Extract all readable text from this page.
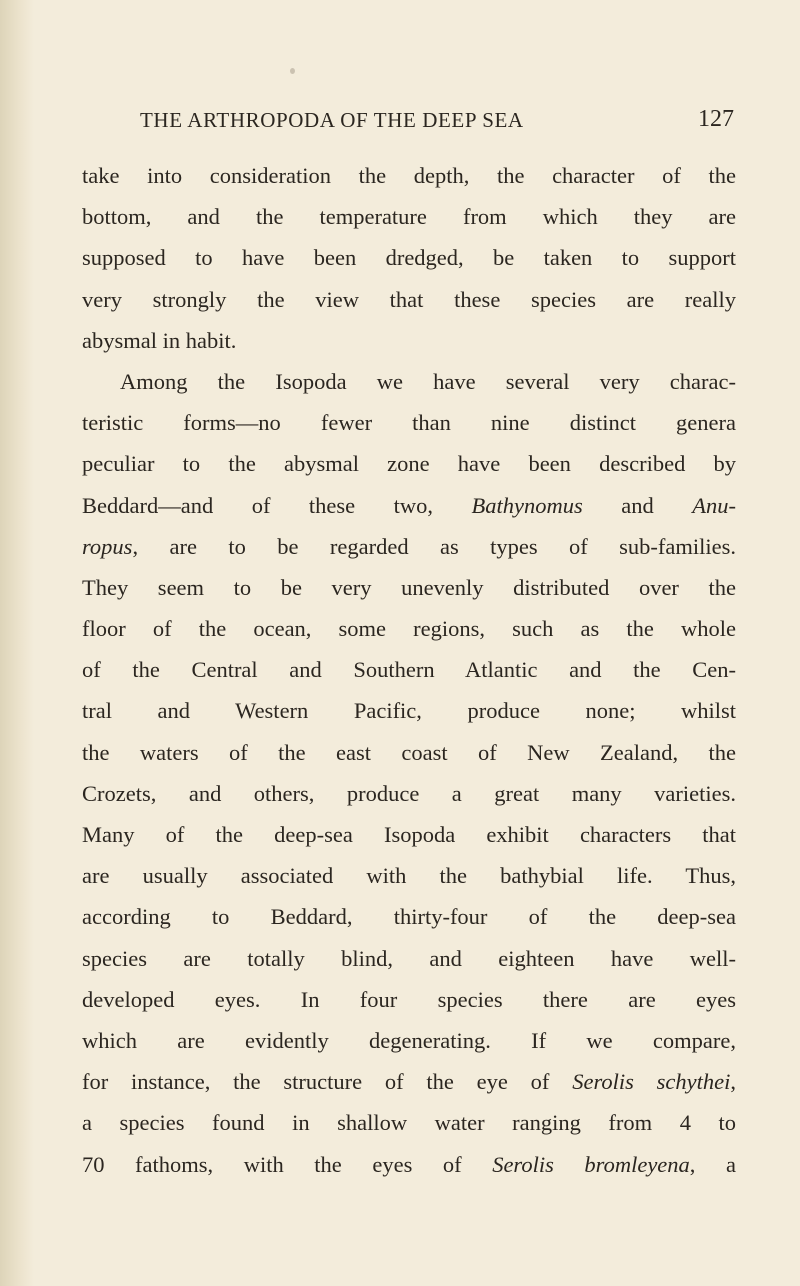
THE ARTHROPODA OF THE DEEP SEA	127
take into consideration the depth, the character of the
bottom, and the temperature from which they are
supposed to have been dredged, be taken to support
very strongly the view that these species are really
abysmal in habit.
Among the Isopoda we have several very charac-
teristic forms—no fewer than nine distinct genera
peculiar to the abysmal zone have been described by
Beddard—and of these two, Bathynomus and Anu-
ropus, are to be regarded as types of sub-families.
They seem to be very unevenly distributed over the
floor of the ocean, some regions, such as the whole
of the Central and Southern Atlantic and the Cen-
tral and Western Pacific, produce none; whilst
the waters of the east coast of New Zealand, the
Crozets, and others, produce a great many varieties.
Many of the deep-sea Isopoda exhibit characters that
are usually associated with the bathybial life. Thus,
according to Beddard, thirty-four of the deep-sea
species are totally blind, and eighteen have well-
developed eyes. In four species there are eyes
which are evidently degenerating. If we compare,
for instance, the structure of the eye of Serolis schythei,
a species found in shallow water ranging from 4 to
70 fathoms, with the eyes of Serolis bromleyena, a
